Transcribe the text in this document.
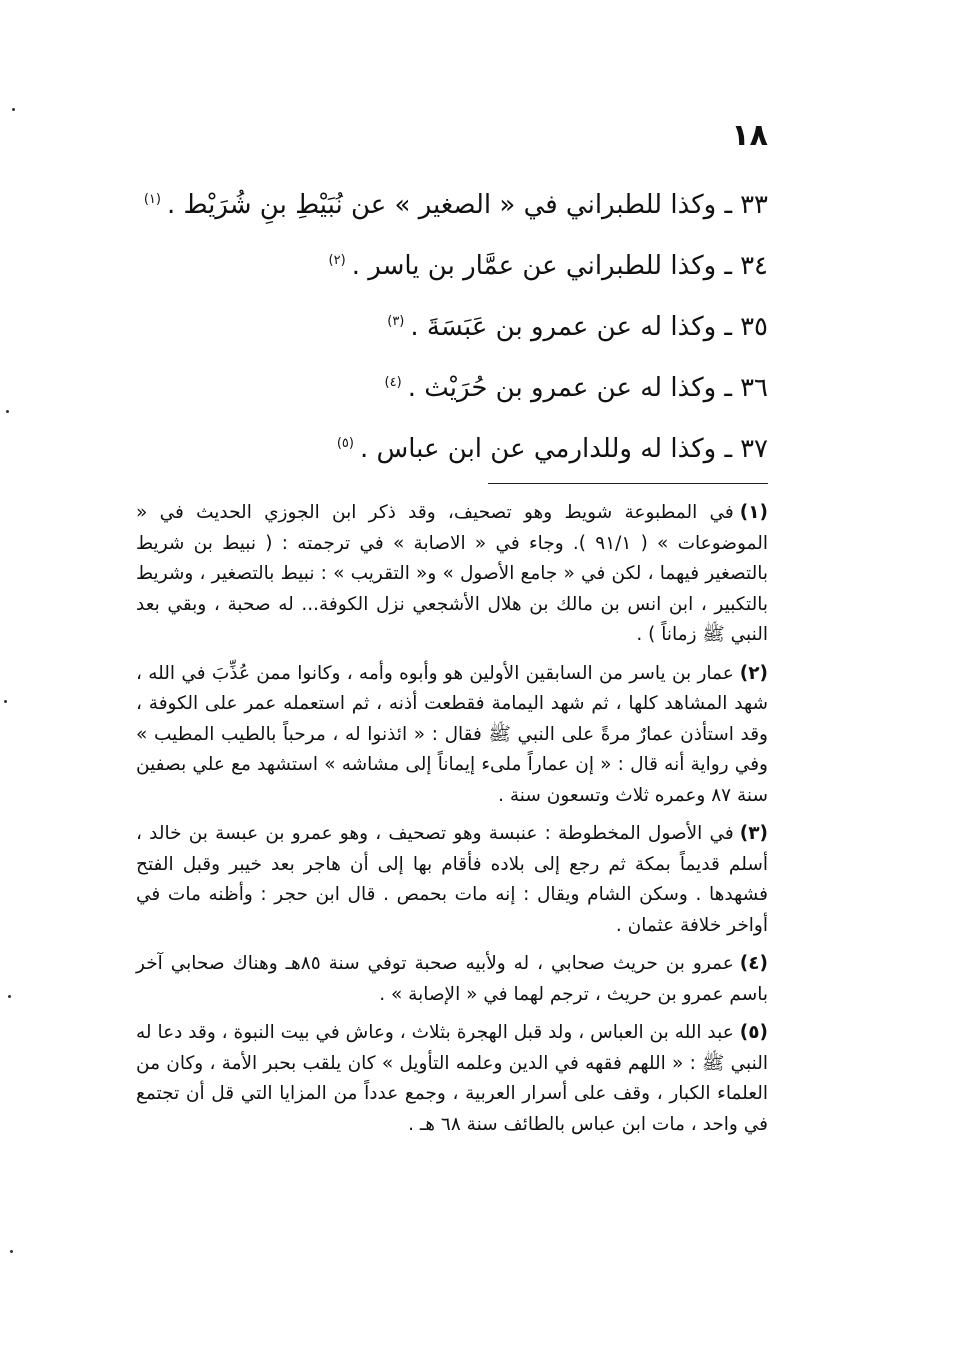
١٨
٣٣ـ وكذا للطبراني في « الصغير » عن نُبَيْطِ بنِ شُرَيْط .$^{(١)}$
٣٤ـ وكذا للطبراني عن عمَّار بن ياسر .$^{(٢)}$
٣٥ـ وكذا له عن عمرو بن عَبَسَةَ .$^{(٣)}$
٣٦ـ وكذا له عن عمرو بن حُرَيْث .$^{(٤)}$
٣٧ـ وكذا له وللدارمي عن ابن عباس .$^{(٥)}$

(١)في المطبوعة شويط وهو تصحيف، وقد ذكر ابن الجوزي الحديث في « الموضوعات » ( ٩١/١ ). وجاء في « الاصابة » في ترجمته : ( نبيط بن شريط بالتصغير فيهما ، لكن في « جامع الأصول » و« التقريب » : نبيط بالتصغير ، وشريط بالتكبير ، ابن انس بن مالك بن هلال الأشجعي نزل الكوفة... له صحبة ، وبقي بعد النبي ﷺ زماناً ) .

(٢)عمار بن ياسر من السابقين الأولين هو وأبوه وأمه ، وكانوا ممن عُذِّبَ في الله ، شهد المشاهد كلها ، ثم شهد اليمامة فقطعت أذنه ، ثم استعمله عمر على الكوفة ، وقد استأذن عمارٌ مرةً على النبي ﷺ فقال : « ائذنوا له ، مرحباً بالطيب المطيب » وفي رواية أنه قال : « إن عماراً ملىء إيماناً إلى مشاشه » استشهد مع علي بصفين سنة ٨٧ وعمره ثلاث وتسعون سنة .

(٣)في الأصول المخطوطة : عنبسة وهو تصحيف ، وهو عمرو بن عبسة بن خالد ، أسلم قديماً بمكة ثم رجع إلى بلاده فأقام بها إلى أن هاجر بعد خيبر وقبل الفتح فشهدها . وسكن الشام ويقال : إنه مات بحمص . قال ابن حجر : وأظنه مات في أواخر خلافة عثمان .

(٤)عمرو بن حريث صحابي ، له ولأبيه صحبة توفي سنة ٨٥هـ وهناك صحابي آخر باسم عمرو بن حريث ، ترجم لهما في « الإصابة » .

(٥)عبد الله بن العباس ، ولد قبل الهجرة بثلاث ، وعاش في بيت النبوة ، وقد دعا له النبي ﷺ : « اللهم فقهه في الدين وعلمه التأويل » كان يلقب بحبر الأمة ، وكان من العلماء الكبار ، وقف على أسرار العربية ، وجمع عدداً من المزايا التي قل أن تجتمع في واحد ، مات ابن عباس بالطائف سنة ٦٨ هـ .
